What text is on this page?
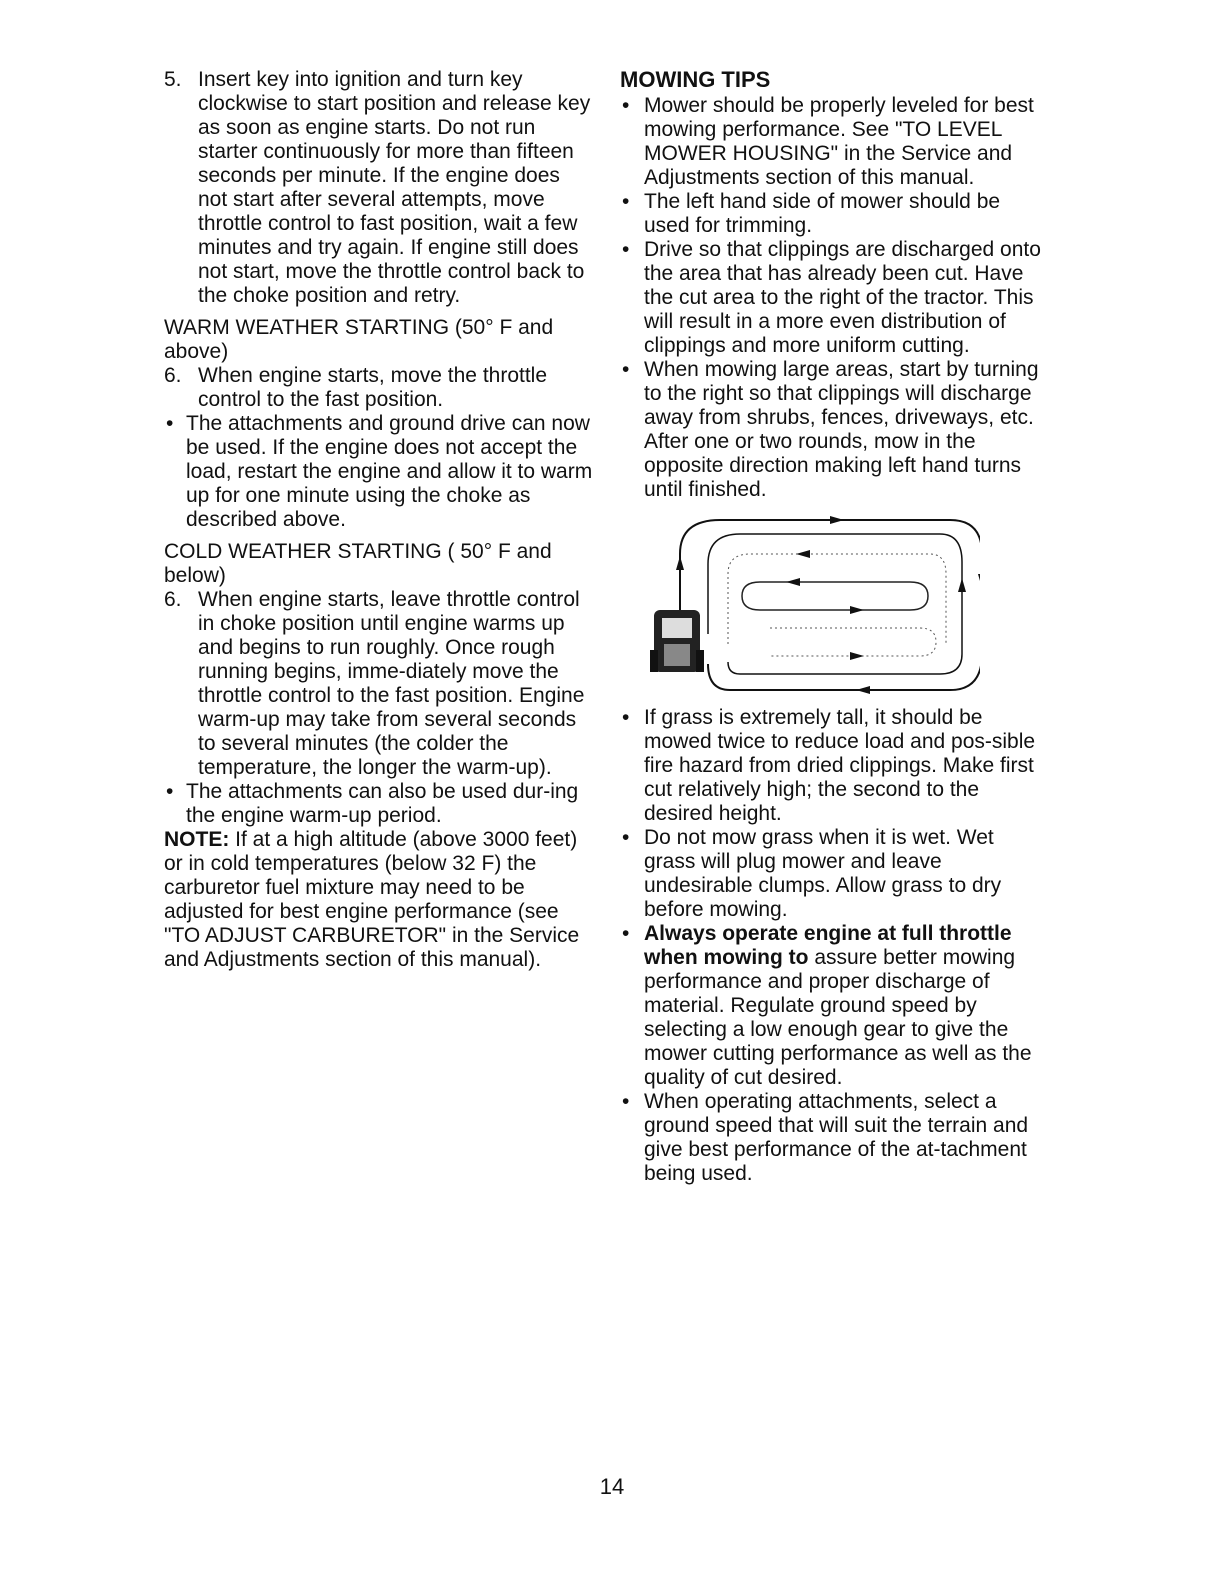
5. Insert key into ignition and turn key clockwise to start position and release key as soon as engine starts. Do not run starter continuously for more than fifteen seconds per minute. If the engine does not start after several attempts, move throttle control to fast position, wait a few minutes and try again. If engine still does not start, move the throttle control back to the choke position and retry.

WARM WEATHER STARTING (50° F and above)

6. When engine starts, move the throttle control to the fast position.
• The attachments and ground drive can now be used. If the engine does not accept the load, restart the engine and allow it to warm up for one minute using the choke as described above.

COLD WEATHER STARTING ( 50° F and below)

6. When engine starts, leave throttle control in choke position until engine warms up and begins to run roughly. Once rough running begins, imme-diately move the throttle control to the fast position. Engine warm-up may take from several seconds to several minutes (the colder the temperature, the longer the warm-up).
• The attachments can also be used dur-ing the engine warm-up period.

NOTE: If at a high altitude (above 3000 feet) or in cold temperatures (below 32 F) the carburetor fuel mixture may need to be adjusted for best engine performance (see "TO ADJUST CARBURETOR" in the Service and Adjustments section of this manual).

MOWING TIPS

• Mower should be properly leveled for best mowing performance. See "TO LEVEL MOWER HOUSING" in the Service and Adjustments section of this manual.
• The left hand side of mower should be used for trimming.
• Drive so that clippings are discharged onto the area that has already been cut. Have the cut area to the right of the tractor. This will result in a more even distribution of clippings and more uniform cutting.
• When mowing large areas, start by turning to the right so that clippings will discharge away from shrubs, fences, driveways, etc. After one or two rounds, mow in the opposite direction making left hand turns until finished.
• If grass is extremely tall, it should be mowed twice to reduce load and pos-sible fire hazard from dried clippings. Make first cut relatively high; the second to the desired height.
• Do not mow grass when it is wet. Wet grass will plug mower and leave undesirable clumps. Allow grass to dry before mowing.
• Always operate engine at full throttle when mowing to assure better mowing performance and proper discharge of material. Regulate ground speed by selecting a low enough gear to give the mower cutting performance as well as the quality of cut desired.
• When operating attachments, select a ground speed that will suit the terrain and give best performance of the at-tachment being used.
14
